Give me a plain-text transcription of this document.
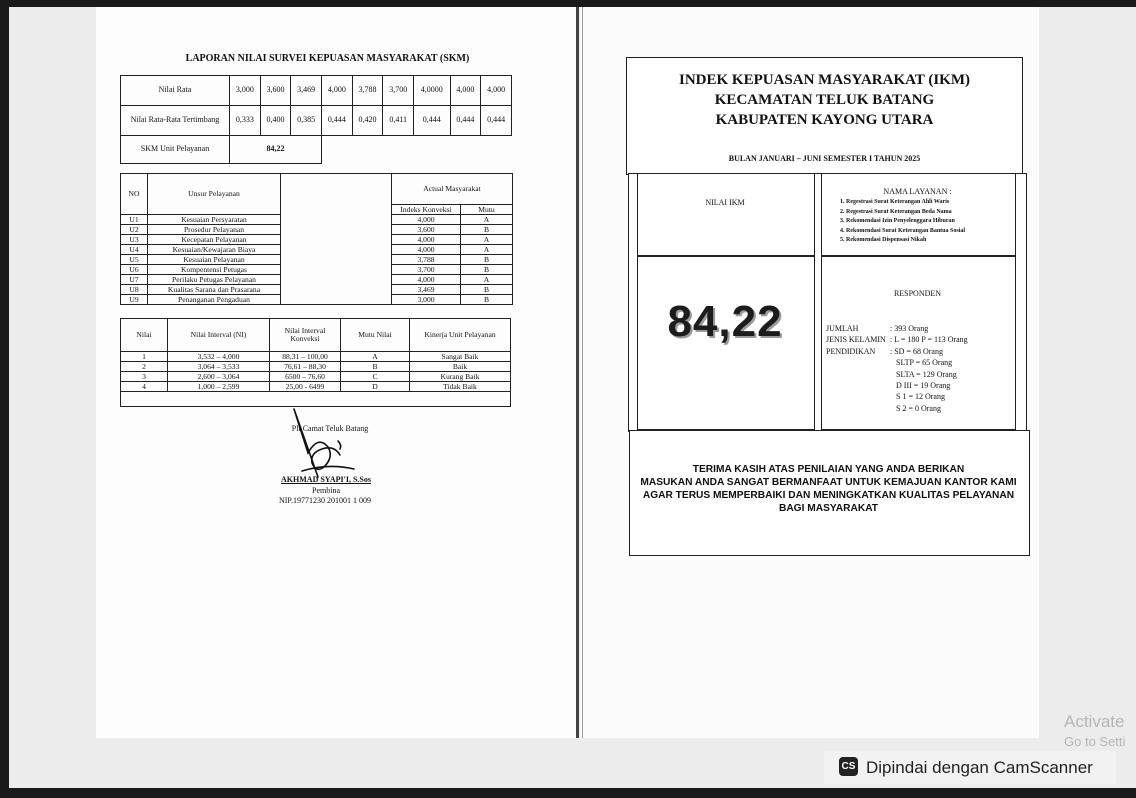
LAPORAN NILAI SURVEI KEPUASAN MASYARAKAT (SKM)
Nilai Rata	3,000	3,600	3,469	4,000	3,788	3,700	4,0000	4,000	4,000
Nilai Rata-Rata Tertimbang	0,333	0,400	0,385	0,444	0,420	0,411	0,444	0,444	0,444
SKM Unit Pelayanan	84,22								
NO	Unsur Pelayanan		Actual Masyarakat	
			Indeks Konveksi	Mutu
U1	Kesuaian Persyaratan		4,000	A
U2	Prosedur Pelayanan		3,600	B
U3	Kecepatan Pelayanan		4,000	A
U4	Kesuaian/Kewajaran Biaya		4,000	A
U5	Kesuaian Pelayanan		3,788	B
U6	Kompentensi Petugas		3,700	B
U7	Perilaku Petugas Pelayanan		4,000	A
U8	Kualitas Sarana dan Prasarana		3,469	B
U9	Penanganan Pengaduan		3,000	B
Nilai	Nilai Interval (NI)	Nilai Interval Konveksi	Mutu Nilai	Kinerja Unit Pelayanan
1	3,532 – 4,000	88,31 – 100,00	A	Sangat Baik
2	3,064 – 3,533	76,61 – 88,30	B	Baik
3	2,600 – 3,064	6500 – 76,60	C	Kurang Baik
4	1,000 – 2,599	25,00 - 6499	D	Tidak Baik

Plt Camat Teluk Batang
AKHMAD SYAPI'I, S.Sos
Pembina
NIP.19771230 201001 1 009
INDEK KEPUASAN MASYARAKAT (IKM)
KECAMATAN TELUK BATANG
KABUPATEN KAYONG UTARA
BULAN JANUARI – JUNI SEMESTER I TAHUN 2025
NILAI IKM
84,22
NAMA LAYANAN :
1. Regestrasi Surat Keterangan Ahli Waris
2. Regestrasi Surat Keterangan Beda Nama
3. Rekomendasi Izin Penyelenggara Hiburan
4. Rekomendasi Surat Keterangan Bantua Sosial
5. Rekomendasi Dispensasi Nikah
RESPONDEN
JUMLAH	: 393 Orang
JENIS KELAMIN : L = 180 P = 113 Orang
PENDIDIKAN : SD = 68 Orang
SLTP = 65 Orang
SLTA = 129 Orang
D III = 19 Orang
S 1 = 12 Orang
S 2 = 0 Orang
TERIMA KASIH ATAS PENILAIAN YANG ANDA BERIKAN
MASUKAN ANDA SANGAT BERMANFAAT UNTUK KEMAJUAN KANTOR KAMI
AGAR TERUS MEMPERBAIKI DAN MENINGKATKAN KUALITAS PELAYANAN
BAGI MASYARAKAT
Activate
Go to Setti
CS Dipindai dengan CamScanner
